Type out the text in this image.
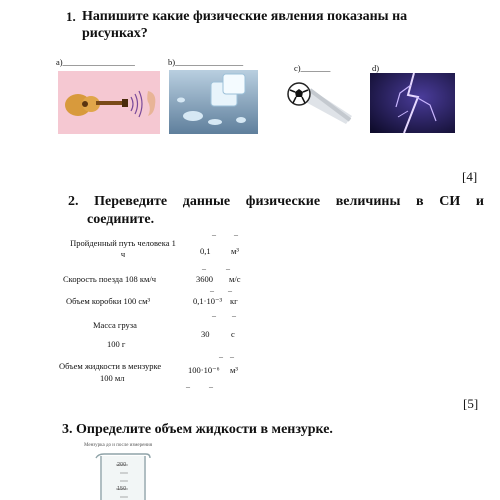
1. Напишите какие физические явления показаны на
рисунках?
a)_________________	b)________________
c)_______	d)
[4]
2. Переведите данные физические величины в СИ и
соедините.
Пройденный путь человека 1
ч
_
0,1
_
м³
Скорость поезда 108 км/ч
_
3600
_
м/с
Объем коробки 100 см³
_
0,1·10⁻³
_
кг
Масса груза
100 г
_
30
_
с
Объем жидкости в мензурке
100 мл
_
100·10⁻⁶
_
м³
_ _
[5]
3. Определите объем жидкости в мензурке.
Мензурка до и после измерения
200
150
